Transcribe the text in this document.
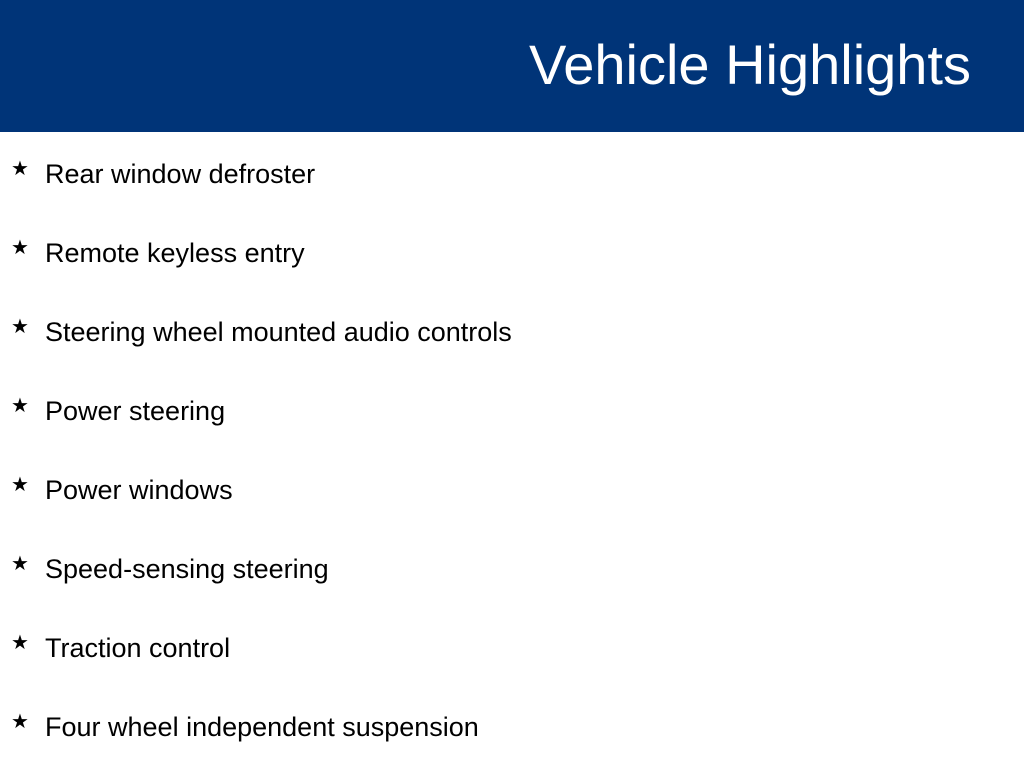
Vehicle Highlights
★ Rear window defroster
★ Remote keyless entry
★ Steering wheel mounted audio controls
★ Power steering
★ Power windows
★ Speed-sensing steering
★ Traction control
★ Four wheel independent suspension
